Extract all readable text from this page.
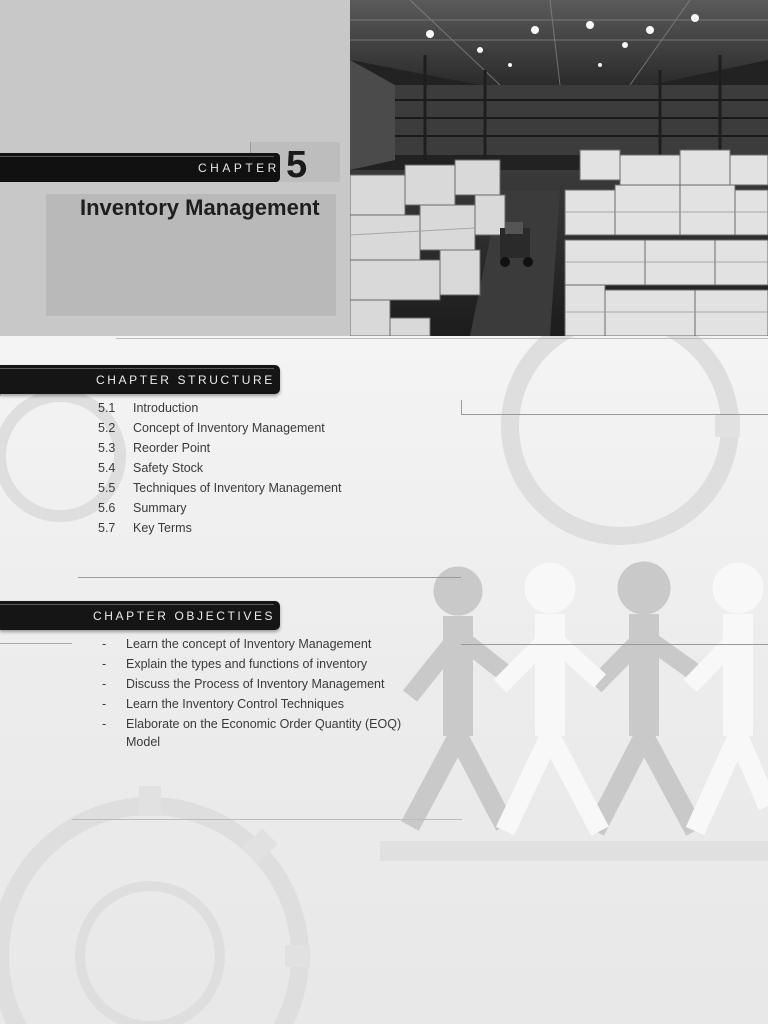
CHAPTER 5
Inventory Management
CHAPTER STRUCTURE
5.1	Introduction
5.2	Concept of Inventory Management
5.3	Reorder Point
5.4	Safety Stock
5.5	Techniques of Inventory Management
5.6	Summary
5.7	Key Terms
CHAPTER OBJECTIVES
- Learn the concept of Inventory Management
- Explain the types and functions of inventory
- Discuss the Process of Inventory Management
- Learn the Inventory Control Techniques
- Elaborate on the Economic Order Quantity (EOQ) Model
